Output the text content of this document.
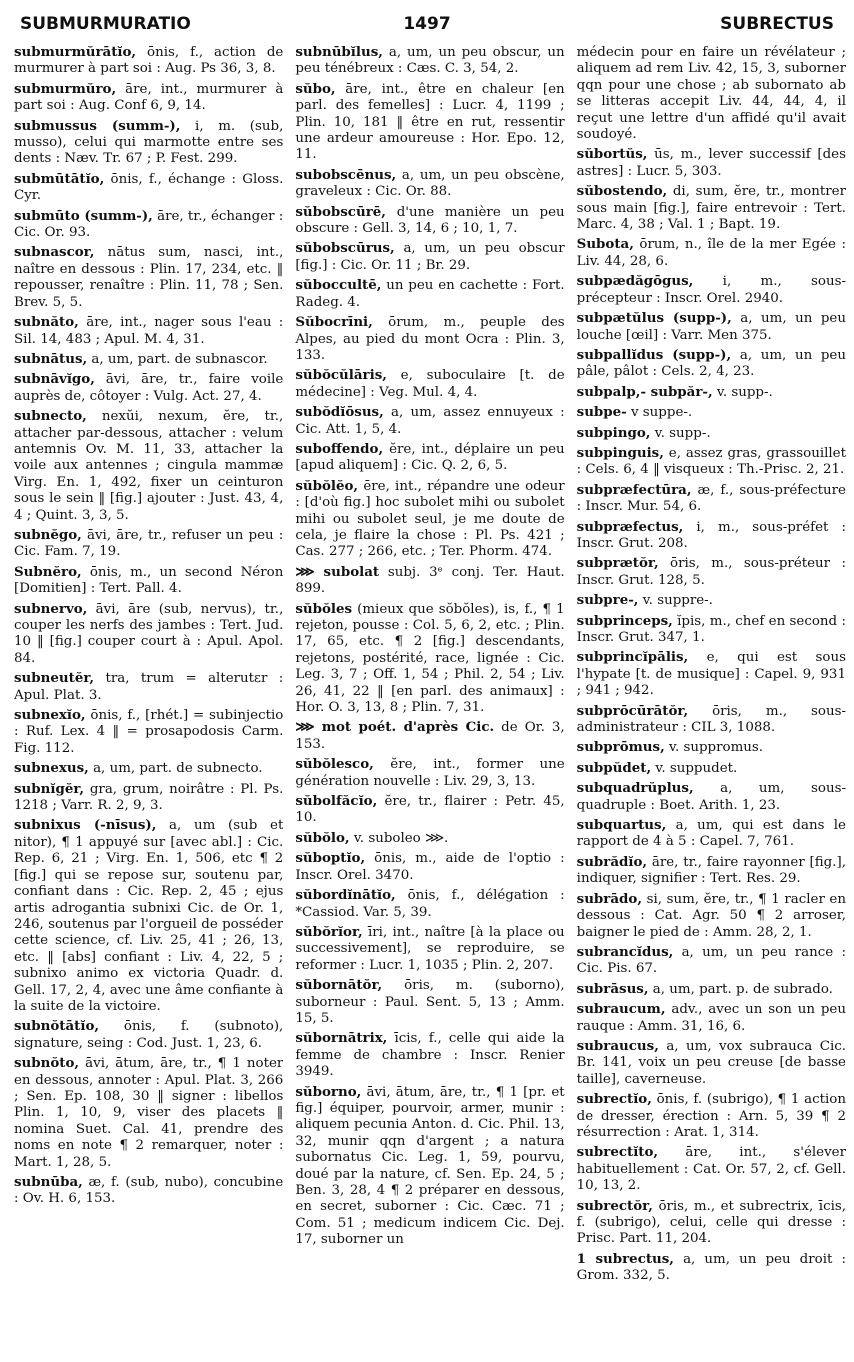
SUBMURMURATIO	1497	SUBRECTUS

submurmŭrātĭo, ōnis, f., action de murmurer à part soi : Aug. Ps 36, 3, 8.

submurmŭro, āre, int., murmurer à part soi : Aug. Conf 6, 9, 14.

submussus (summ-), i, m. (sub, musso), celui qui marmotte entre ses dents : Næv. Tr. 67 ; P. Fest. 299.

submūtātĭo, ōnis, f., échange : Gloss. Cyr.

submūto (summ-), āre, tr., échanger : Cic. Or. 93.

subnascor, nātus sum, nasci, int., naître en dessous : Plin. 17, 234, etc. ‖ repousser, renaître : Plin. 11, 78 ; Sen. Brev. 5, 5.

subnăto, āre, int., nager sous l'eau : Sil. 14, 483 ; Apul. M. 4, 31.

subnātus, a, um, part. de subnascor.

subnāvĭgo, āvi, āre, tr., faire voile auprès de, côtoyer : Vulg. Act. 27, 4.

subnecto, nexŭi, nexum, ĕre, tr., attacher par-dessous, attacher : velum antemnis Ov. M. 11, 33, attacher la voile aux antennes ; cingula mammæ Virg. En. 1, 492, fixer un ceinturon sous le sein ‖ [fig.] ajouter : Just. 43, 4, 4 ; Quint. 3, 3, 5.

subnĕgo, āvi, āre, tr., refuser un peu : Cic. Fam. 7, 19.

Subnĕro, ōnis, m., un second Néron [Domitien] : Tert. Pall. 4.

subnervo, āvi, āre (sub, nervus), tr., couper les nerfs des jambes : Tert. Jud. 10 ‖ [fig.] couper court à : Apul. Apol. 84.

subneutĕr, tra, trum = alterutεr : Apul. Plat. 3.

subnexĭo, ōnis, f., [rhét.] = subinjectio : Ruf. Lex. 4 ‖ = prosapodosis Carm. Fig. 112.

subnexus, a, um, part. de subnecto.

subnĭgĕr, gra, grum, noirâtre : Pl. Ps. 1218 ; Varr. R. 2, 9, 3.

subnixus (-nīsus), a, um (sub et nitor), ¶ 1 appuyé sur [avec abl.] : Cic. Rep. 6, 21 ; Virg. En. 1, 506, etc ¶ 2 [fig.] qui se repose sur, soutenu par, confiant dans : Cic. Rep. 2, 45 ; ejus artis adrogantia subnixi Cic. de Or. 1, 246, soutenus par l'orgueil de posséder cette science, cf. Liv. 25, 41 ; 26, 13, etc. ‖ [abs] confiant : Liv. 4, 22, 5 ; subnixo animo ex victoria Quadr. d. Gell. 17, 2, 4, avec une âme confiante à la suite de la victoire.

subnŏtātĭo, ōnis, f. (subnoto), signature, seing : Cod. Just. 1, 23, 6.

subnŏto, āvi, ātum, āre, tr., ¶ 1 noter en dessous, annoter : Apul. Plat. 3, 266 ; Sen. Ep. 108, 30 ‖ signer : libellos Plin. 1, 10, 9, viser des placets ‖ nomina Suet. Cal. 41, prendre des noms en note ¶ 2 remarquer, noter : Mart. 1, 28, 5.

subnūba, æ, f. (sub, nubo), concubine : Ov. H. 6, 153.

subnūbĭlus, a, um, un peu obscur, un peu ténébreux : Cæs. C. 3, 54, 2.

sŭbo, āre, int., être en chaleur [en parl. des femelles] : Lucr. 4, 1199 ; Plin. 10, 181 ‖ être en rut, ressentir une ardeur amoureuse : Hor. Epo. 12, 11.

subobscēnus, a, um, un peu obscène, graveleux : Cic. Or. 88.

sŭbobscūrē, d'une manière un peu obscure : Gell. 3, 14, 6 ; 10, 1, 7.

sŭbobscūrus, a, um, un peu obscur [fig.] : Cic. Or. 11 ; Br. 29.

sŭboccultē, un peu en cachette : Fort. Radeg. 4.

Sŭbocrīni, ōrum, m., peuple des Alpes, au pied du mont Ocra : Plin. 3, 133.

sŭbŏcŭlāris, e, suboculaire [t. de médecine] : Veg. Mul. 4, 4.

subŏdĭōsus, a, um, assez ennuyeux : Cic. Att. 1, 5, 4.

suboffendo, ĕre, int., déplaire un peu [apud aliquem] : Cic. Q. 2, 6, 5.

sŭbŏlĕo, ēre, int., répandre une odeur : [d'où fig.] hoc subolet mihi ou subolet mihi ou subolet seul, je me doute de cela, je flaire la chose : Pl. Ps. 421 ; Cas. 277 ; 266, etc. ; Ter. Phorm. 474.

⋙ subolat subj. 3ᵉ conj. Ter. Haut. 899.

sŭbŏles (mieux que sŏbŏles), is, f., ¶ 1 rejeton, pousse : Col. 5, 6, 2, etc. ; Plin. 17, 65, etc. ¶ 2 [fig.] descendants, rejetons, postérité, race, lignée : Cic. Leg. 3, 7 ; Off. 1, 54 ; Phil. 2, 54 ; Liv. 26, 41, 22 ‖ [en parl. des animaux] : Hor. O. 3, 13, 8 ; Plin. 7, 31.

⋙ mot poét. d'après Cic. de Or. 3, 153.

sŭbŏlesco, ĕre, int., former une génération nouvelle : Liv. 29, 3, 13.

sŭbolfăcĭo, ĕre, tr., flairer : Petr. 45, 10.

sŭbŏlo, v. suboleo ⋙.

sŭboptĭo, ōnis, m., aide de l'optio : Inscr. Orel. 3470.

sŭbordĭnātĭo, ōnis, f., délégation : *Cassiod. Var. 5, 39.

sŭbŏrĭor, īri, int., naître [à la place ou successivement], se reproduire, se reformer : Lucr. 1, 1035 ; Plin. 2, 207.

sŭbornātŏr, ōris, m. (suborno), suborneur : Paul. Sent. 5, 13 ; Amm. 15, 5.

sŭbornātrix, īcis, f., celle qui aide la femme de chambre : Inscr. Renier 3949.

sŭborno, āvi, ātum, āre, tr., ¶ 1 [pr. et fig.] équiper, pourvoir, armer, munir : aliquem pecunia Anton. d. Cic. Phil. 13, 32, munir qqn d'argent ; a natura subornatus Cic. Leg. 1, 59, pourvu, doué par la nature, cf. Sen. Ep. 24, 5 ; Ben. 3, 28, 4 ¶ 2 préparer en dessous, en secret, suborner : Cic. Cæc. 71 ; Com. 51 ; medicum indicem Cic. Dej. 17, suborner un

médecin pour en faire un révélateur ; aliquem ad rem Liv. 42, 15, 3, suborner qqn pour une chose ; ab subornato ab se litteras accepit Liv. 44, 44, 4, il reçut une lettre d'un affidé qu'il avait soudoyé.

sŭbortŭs, ūs, m., lever successif [des astres] : Lucr. 5, 303.

sŭbostendo, di, sum, ĕre, tr., montrer sous main [fig.], faire entrevoir : Tert. Marc. 4, 38 ; Val. 1 ; Bapt. 19.

Subota, ōrum, n., île de la mer Egée : Liv. 44, 28, 6.

subpædăgōgus, i, m., sous-précepteur : Inscr. Orel. 2940.

subpætŭlus (supp-), a, um, un peu louche [œil] : Varr. Men 375.

subpallĭdus (supp-), a, um, un peu pâle, pâlot : Cels. 2, 4, 23.

subpalp,- subpăr-, v. supp-.

subpe- v suppe-.

subpingo, v. supp-.

subpinguis, e, assez gras, grassouillet : Cels. 6, 4 ‖ visqueux : Th.-Prisc. 2, 21.

subpræfectūra, æ, f., sous-préfecture : Inscr. Mur. 54, 6.

subpræfectus, i, m., sous-préfet : Inscr. Grut. 208.

subprætŏr, ōris, m., sous-préteur : Inscr. Grut. 128, 5.

subpre-, v. suppre-.

subprinceps, ĭpis, m., chef en second : Inscr. Grut. 347, 1.

subprincĭpālis, e, qui est sous l'hypate [t. de musique] : Capel. 9, 931 ; 941 ; 942.

subprōcūrātŏr, ōris, m., sous-administrateur : CIL 3, 1088.

subprōmus, v. suppromus.

subpŭdet, v. suppudet.

subquadrŭplus, a, um, sous-quadruple : Boet. Arith. 1, 23.

subquartus, a, um, qui est dans le rapport de 4 à 5 : Capel. 7, 761.

subrădĭo, āre, tr., faire rayonner [fig.], indiquer, signifier : Tert. Res. 29.

subrādo, si, sum, ĕre, tr., ¶ 1 racler en dessous : Cat. Agr. 50 ¶ 2 arroser, baigner le pied de : Amm. 28, 2, 1.

subrancĭdus, a, um, un peu rance : Cic. Pis. 67.

subrāsus, a, um, part. p. de subrado.

subraucum, adv., avec un son un peu rauque : Amm. 31, 16, 6.

subraucus, a, um, vox subrauca Cic. Br. 141, voix un peu creuse [de basse taille], caverneuse.

subrectĭo, ōnis, f. (subrigo), ¶ 1 action de dresser, érection : Arn. 5, 39 ¶ 2 résurrection : Arat. 1, 314.

subrectĭto, āre, int., s'élever habituellement : Cat. Or. 57, 2, cf. Gell. 10, 13, 2.

subrectŏr, ōris, m., et subrectrix, īcis, f. (subrigo), celui, celle qui dresse : Prisc. Part. 11, 204.

1 subrectus, a, um, un peu droit : Grom. 332, 5.
